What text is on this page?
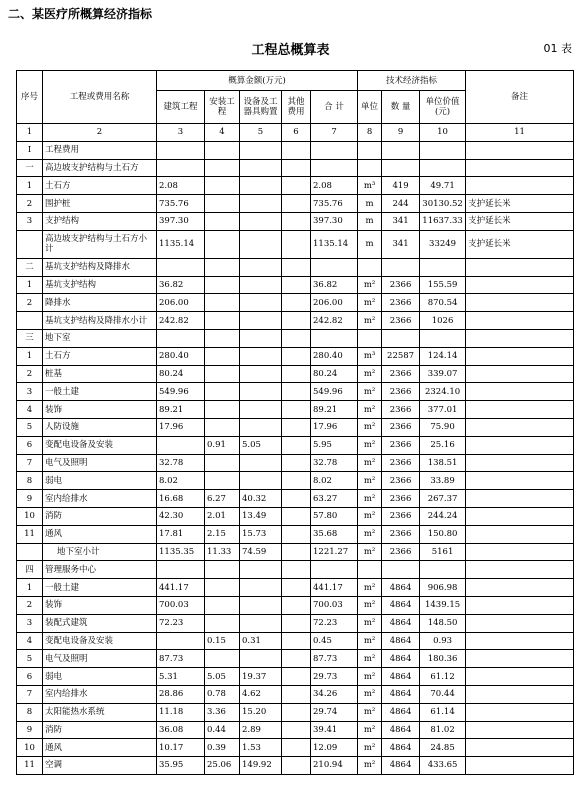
二、某医疗所概算经济指标
工程总概算表	01 表
序号	工程或费用名称	概算金额(万元)					技术经济指标			备注
		建筑工程	安装工程	设备及工器具购置	其他费用	合 计	单位	数 量	单位价值(元)	
1	2	3	4	5	6	7	8	9	10	11
Ⅰ	工程费用									
一	高边坡支护结构与土石方									
1	土石方	2.08				2.08	m³	419	49.71	
2	围护桩	735.76				735.76	m	244	30130.52	支护延长米
3	支护结构	397.30				397.30	m	341	11637.33	支护延长米
	高边坡支护结构与土石方小计	1135.14				1135.14	m	341	33249	支护延长米
二	基坑支护结构及降排水									
1	基坑支护结构	36.82				36.82	m²	2366	155.59	
2	降排水	206.00				206.00	m²	2366	870.54	
	基坑支护结构及降排水小计	242.82				242.82	m²	2366	1026	
三	地下室									
1	土石方	280.40				280.40	m³	22587	124.14	
2	桩基	80.24				80.24	m²	2366	339.07	
3	一般土建	549.96				549.96	m²	2366	2324.10	
4	装饰	89.21				89.21	m²	2366	377.01	
5	人防设施	17.96				17.96	m²	2366	75.90	
6	变配电设备及安装		0.91	5.05		5.95	m²	2366	25.16	
7	电气及照明	32.78				32.78	m²	2366	138.51	
8	弱电	8.02				8.02	m²	2366	33.89	
9	室内给排水	16.68	6.27	40.32		63.27	m²	2366	267.37	
10	消防	42.30	2.01	13.49		57.80	m²	2366	244.24	
11	通风	17.81	2.15	15.73		35.68	m²	2366	150.80	
	地下室小计	1135.35	11.33	74.59		1221.27	m²	2366	5161	
四	管理服务中心									
1	一般土建	441.17				441.17	m²	4864	906.98	
2	装饰	700.03				700.03	m²	4864	1439.15	
3	装配式建筑	72.23				72.23	m²	4864	148.50	
4	变配电设备及安装		0.15	0.31		0.45	m²	4864	0.93	
5	电气及照明	87.73				87.73	m²	4864	180.36	
6	弱电	5.31	5.05	19.37		29.73	m²	4864	61.12	
7	室内给排水	28.86	0.78	4.62		34.26	m²	4864	70.44	
8	太阳能热水系统	11.18	3.36	15.20		29.74	m²	4864	61.14	
9	消防	36.08	0.44	2.89		39.41	m²	4864	81.02	
10	通风	10.17	0.39	1.53		12.09	m²	4864	24.85	
11	空调	35.95	25.06	149.92		210.94	m²	4864	433.65	
